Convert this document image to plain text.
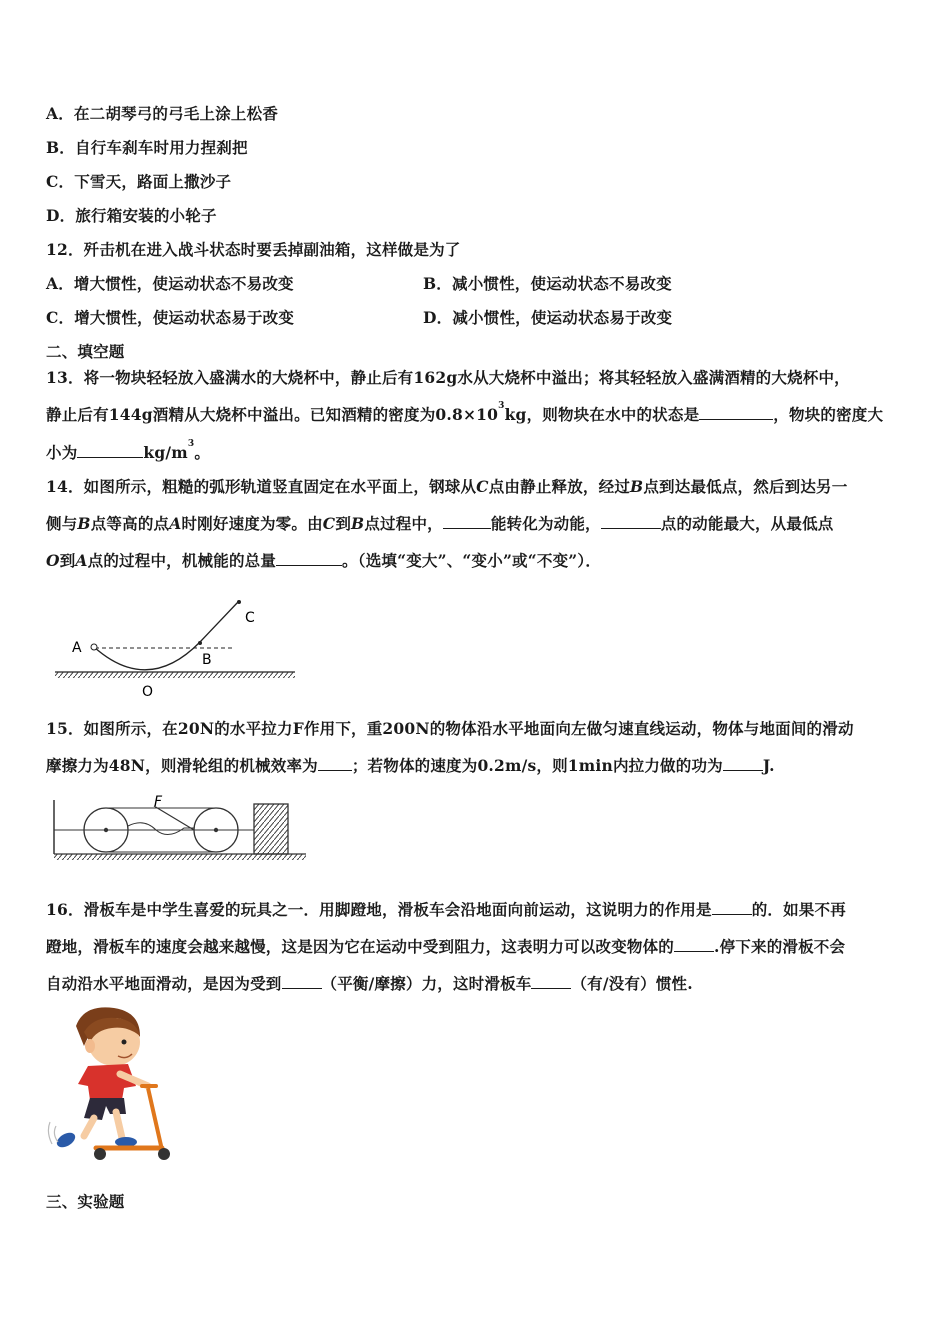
A．在二胡琴弓的弓毛上涂上松香
B．自行车刹车时用力捏刹把
C．下雪天，路面上撒沙子
D．旅行箱安装的小轮子
12．歼击机在进入战斗状态时要丢掉副油箱，这样做是为了
A．增大惯性，使运动状态不易改变	B．减小惯性，使运动状态不易改变
C．增大惯性，使运动状态易于改变	D．减小惯性，使运动状态易于改变
二、填空题
13．将一物块轻轻放入盛满水的大烧杯中，静止后有162g水从大烧杯中溢出；将其轻轻放入盛满酒精的大烧杯中，
静止后有144g酒精从大烧杯中溢出。已知酒精的密度为$0.8\times 10^3kg$，则物块在水中的状态是	，物块的密度大
小为	$kg/m^3$。
14．如图所示，粗糙的弧形轨道竖直固定在水平面上，钢球从C点由静止释放，经过B点到达最低点，然后到达另一
侧与B点等高的点A时刚好速度为零。由C到B点过程中，	能转化为动能，	点的动能最大，从最低点
O到A点的过程中，机械能的总量	。（选填“变大”、“变小”或“不变”）．
A
B
C
O
15．如图所示，在20N的水平拉力F作用下，重200N的物体沿水平地面向左做匀速直线运动，物体与地面间的滑动
摩擦力为48N，则滑轮组的机械效率为 ；若物体的速度为0.2m/s，则1min内拉力做的功为	J.
F
16．滑板车是中学生喜爱的玩具之一．用脚蹬地，滑板车会沿地面向前运动，这说明力的作用是	的．如果不再
蹬地，滑板车的速度会越来越慢，这是因为它在运动中受到阻力，这表明力可以改变物体的	.停下来的滑板不会
自动沿水平地面滑动，是因为受到	（平衡/摩擦）力，这时滑板车	（有/没有）惯性.
三、实验题
